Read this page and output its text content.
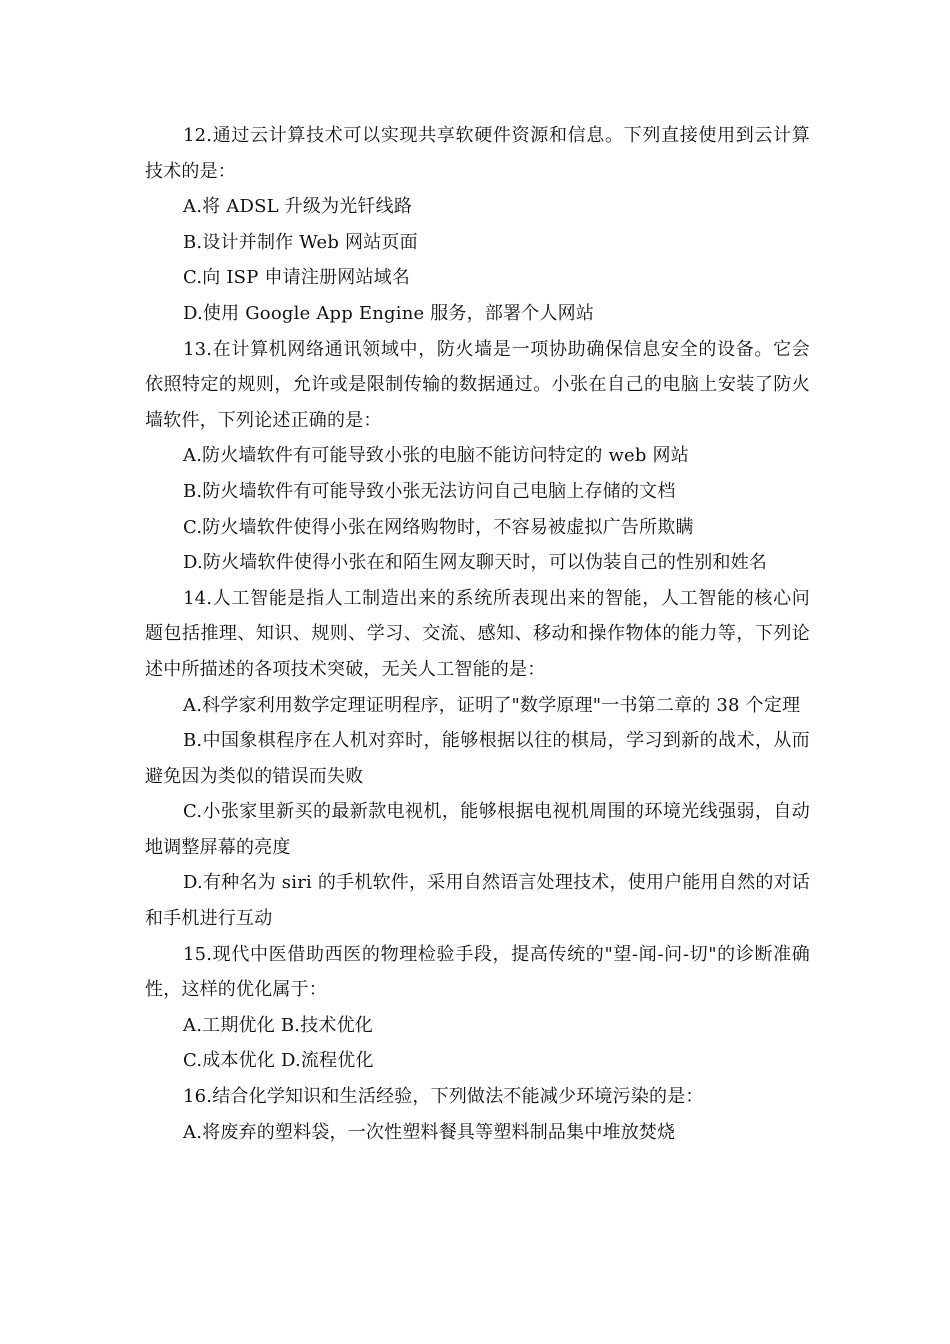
12.通过云计算技术可以实现共享软硬件资源和信息。下列直接使用到云计算技术的是：

A.将 ADSL 升级为光钎线路

B.设计并制作 Web 网站页面

C.向 ISP 申请注册网站域名

D.使用 Google App Engine 服务，部署个人网站

13.在计算机网络通讯领域中，防火墙是一项协助确保信息安全的设备。它会依照特定的规则，允许或是限制传输的数据通过。小张在自己的电脑上安装了防火墙软件，下列论述正确的是：

A.防火墙软件有可能导致小张的电脑不能访问特定的 web 网站

B.防火墙软件有可能导致小张无法访问自己电脑上存储的文档

C.防火墙软件使得小张在网络购物时，不容易被虚拟广告所欺瞒

D.防火墙软件使得小张在和陌生网友聊天时，可以伪装自己的性别和姓名

14.人工智能是指人工制造出来的系统所表现出来的智能，人工智能的核心问题包括推理、知识、规则、学习、交流、感知、移动和操作物体的能力等，下列论述中所描述的各项技术突破，无关人工智能的是：

A.科学家利用数学定理证明程序，证明了"数学原理"一书第二章的 38 个定理

B.中国象棋程序在人机对弈时，能够根据以往的棋局，学习到新的战术，从而避免因为类似的错误而失败

C.小张家里新买的最新款电视机，能够根据电视机周围的环境光线强弱，自动地调整屏幕的亮度

D.有种名为 siri 的手机软件，采用自然语言处理技术，使用户能用自然的对话和手机进行互动

15.现代中医借助西医的物理检验手段，提高传统的"望-闻-问-切"的诊断准确性，这样的优化属于：

A.工期优化 B.技术优化

C.成本优化 D.流程优化

16.结合化学知识和生活经验，下列做法不能减少环境污染的是：

A.将废弃的塑料袋，一次性塑料餐具等塑料制品集中堆放焚烧
